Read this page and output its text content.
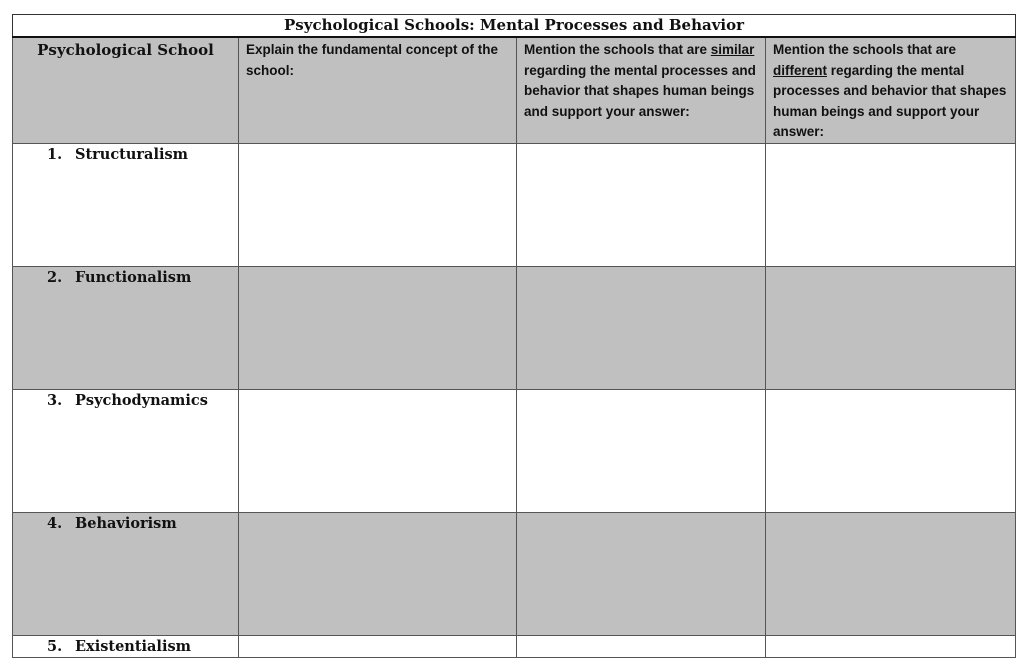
Psychological Schools: Mental Processes and Behavior			
Psychological School	Explain the fundamental concept of the school:	Mention the schools that are similar regarding the mental processes and behavior that shapes human beings and support your answer:	Mention the schools that are different regarding the mental processes and behavior that shapes human beings and support your answer:
1. Structuralism			
2. Functionalism			
3. Psychodynamics			
4. Behaviorism			
5. Existentialism			
